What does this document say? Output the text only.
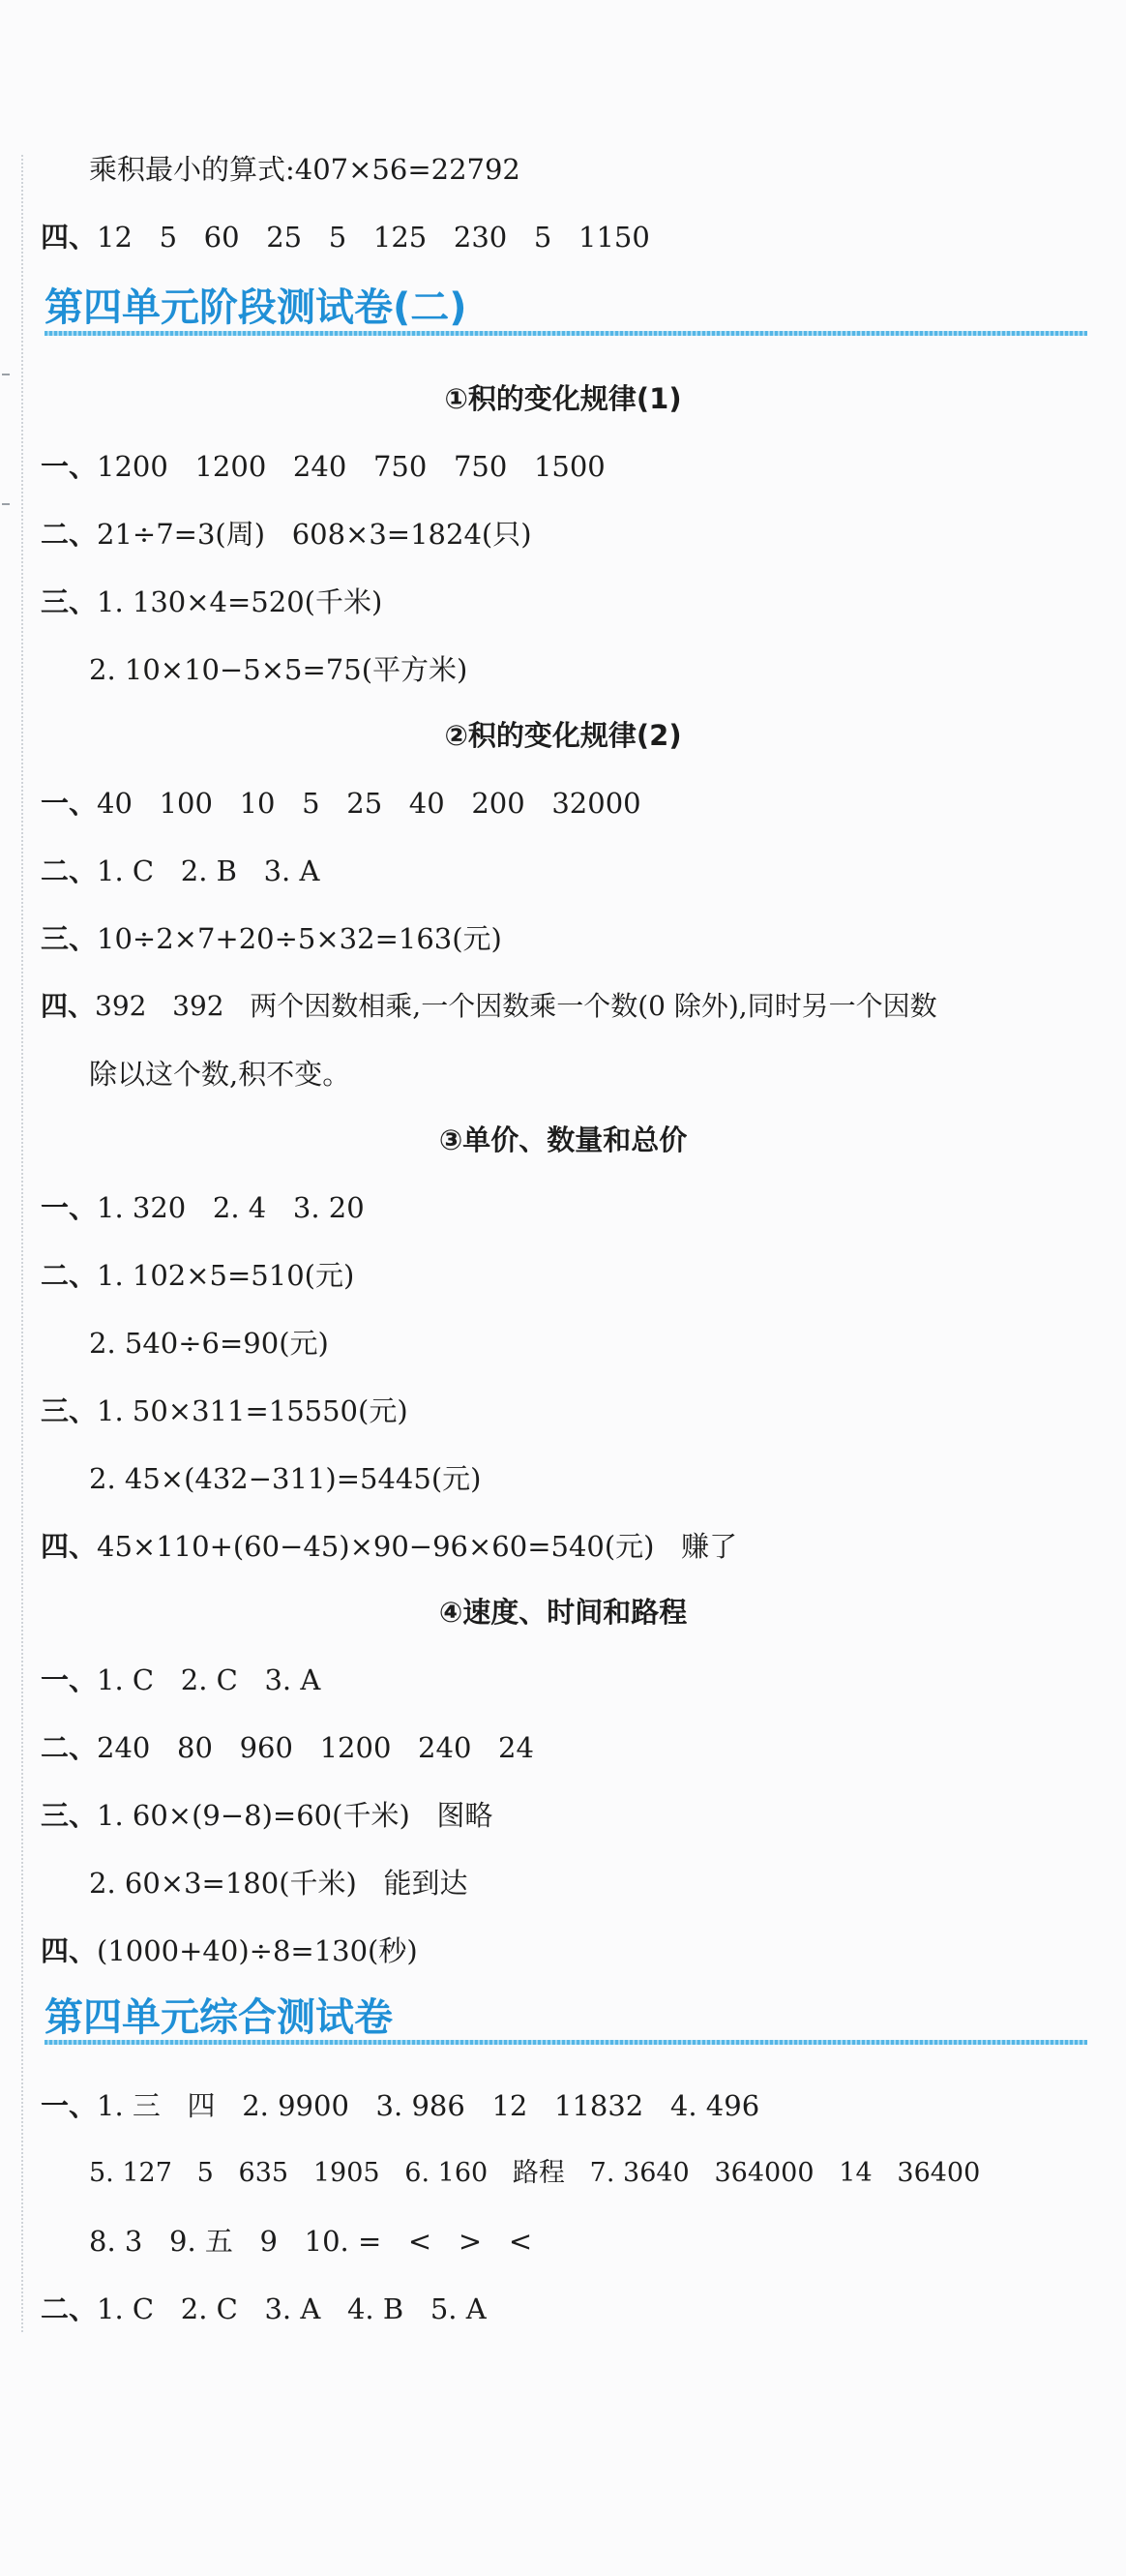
乘积最小的算式:407×56=22792
四、12   5   60   25   5   125   230   5   1150
第四单元阶段测试卷(二)
①积的变化规律(1)
一、1200   1200   240   750   750   1500
二、21÷7=3(周)   608×3=1824(只)
三、1. 130×4=520(千米)
2. 10×10−5×5=75(平方米)
②积的变化规律(2)
一、40   100   10   5   25   40   200   32000
二、1. C   2. B   3. A
三、10÷2×7+20÷5×32=163(元)
四、392   392   两个因数相乘,一个因数乘一个数(0 除外),同时另一个因数
除以这个数,积不变。
③单价、数量和总价
一、1. 320   2. 4   3. 20
二、1. 102×5=510(元)
2. 540÷6=90(元)
三、1. 50×311=15550(元)
2. 45×(432−311)=5445(元)
四、45×110+(60−45)×90−96×60=540(元)   赚了
④速度、时间和路程
一、1. C   2. C   3. A
二、240   80   960   1200   240   24
三、1. 60×(9−8)=60(千米)   图略
2. 60×3=180(千米)   能到达
四、(1000+40)÷8=130(秒)
第四单元综合测试卷
一、1. 三   四   2. 9900   3. 986   12   11832   4. 496
5. 127   5   635   1905   6. 160   路程   7. 3640   364000   14   36400
8. 3   9. 五   9   10. =   <   >   <
二、1. C   2. C   3. A   4. B   5. A
